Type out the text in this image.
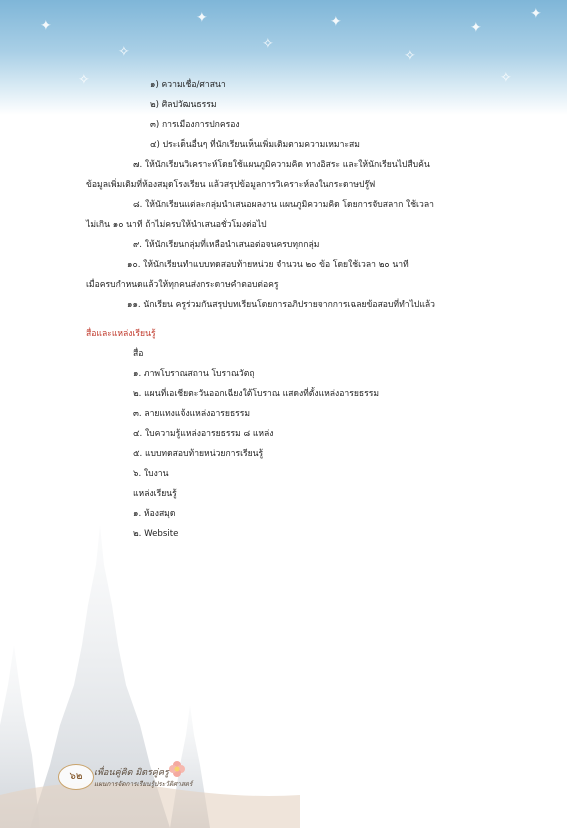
✦
✧
✦
✧
✦
✧
✦
✦
✧	✧
๑) ความเชื่อ/ศาสนา
๒) ศิลปวัฒนธรรม
๓) การเมืองการปกครอง
๔) ประเด็นอื่นๆ ที่นักเรียนเห็นเพิ่มเติมตามความเหมาะสม
๗. ให้นักเรียนวิเคราะห์โดยใช้แผนภูมิความคิด ทางอิสระ และให้นักเรียนไปสืบค้น
ข้อมูลเพิ่มเติมที่ห้องสมุดโรงเรียน แล้วสรุปข้อมูลการวิเคราะห์ลงในกระดาษปรู๊ฟ
๘. ให้นักเรียนแต่ละกลุ่มนำเสนอผลงาน แผนภูมิความคิด โดยการจับสลาก ใช้เวลา
ไม่เกิน ๑๐ นาที ถ้าไม่ครบให้นำเสนอชั่วโมงต่อไป
๙. ให้นักเรียนกลุ่มที่เหลือนำเสนอต่อจนครบทุกกลุ่ม
๑๐. ให้นักเรียนทำแบบทดสอบท้ายหน่วย จำนวน ๒๐ ข้อ โดยใช้เวลา ๒๐ นาที
เมื่อครบกำหนดแล้วให้ทุกคนส่งกระดาษคำตอบต่อครู
๑๑. นักเรียน ครูร่วมกันสรุปบทเรียนโดยการอภิปรายจากการเฉลยข้อสอบที่ทำไปแล้ว
สื่อและแหล่งเรียนรู้
สื่อ
๑. ภาพโบราณสถาน โบราณวัตถุ
๒. แผนที่เอเชียตะวันออกเฉียงใต้โบราณ แสดงที่ตั้งแหล่งอารยธรรม
๓. ลายแทงแจ้งแหล่งอารยธรรม
๔. ใบความรู้แหล่งอารยธรรม ๘ แหล่ง
๕. แบบทดสอบท้ายหน่วยการเรียนรู้
๖. ใบงาน
แหล่งเรียนรู้
๑. ห้องสมุด
๒. Website
๖๒	เพื่อนคู่คิด มิตรคู่ครู
แผนการจัดการเรียนรู้ประวัติศาสตร์
